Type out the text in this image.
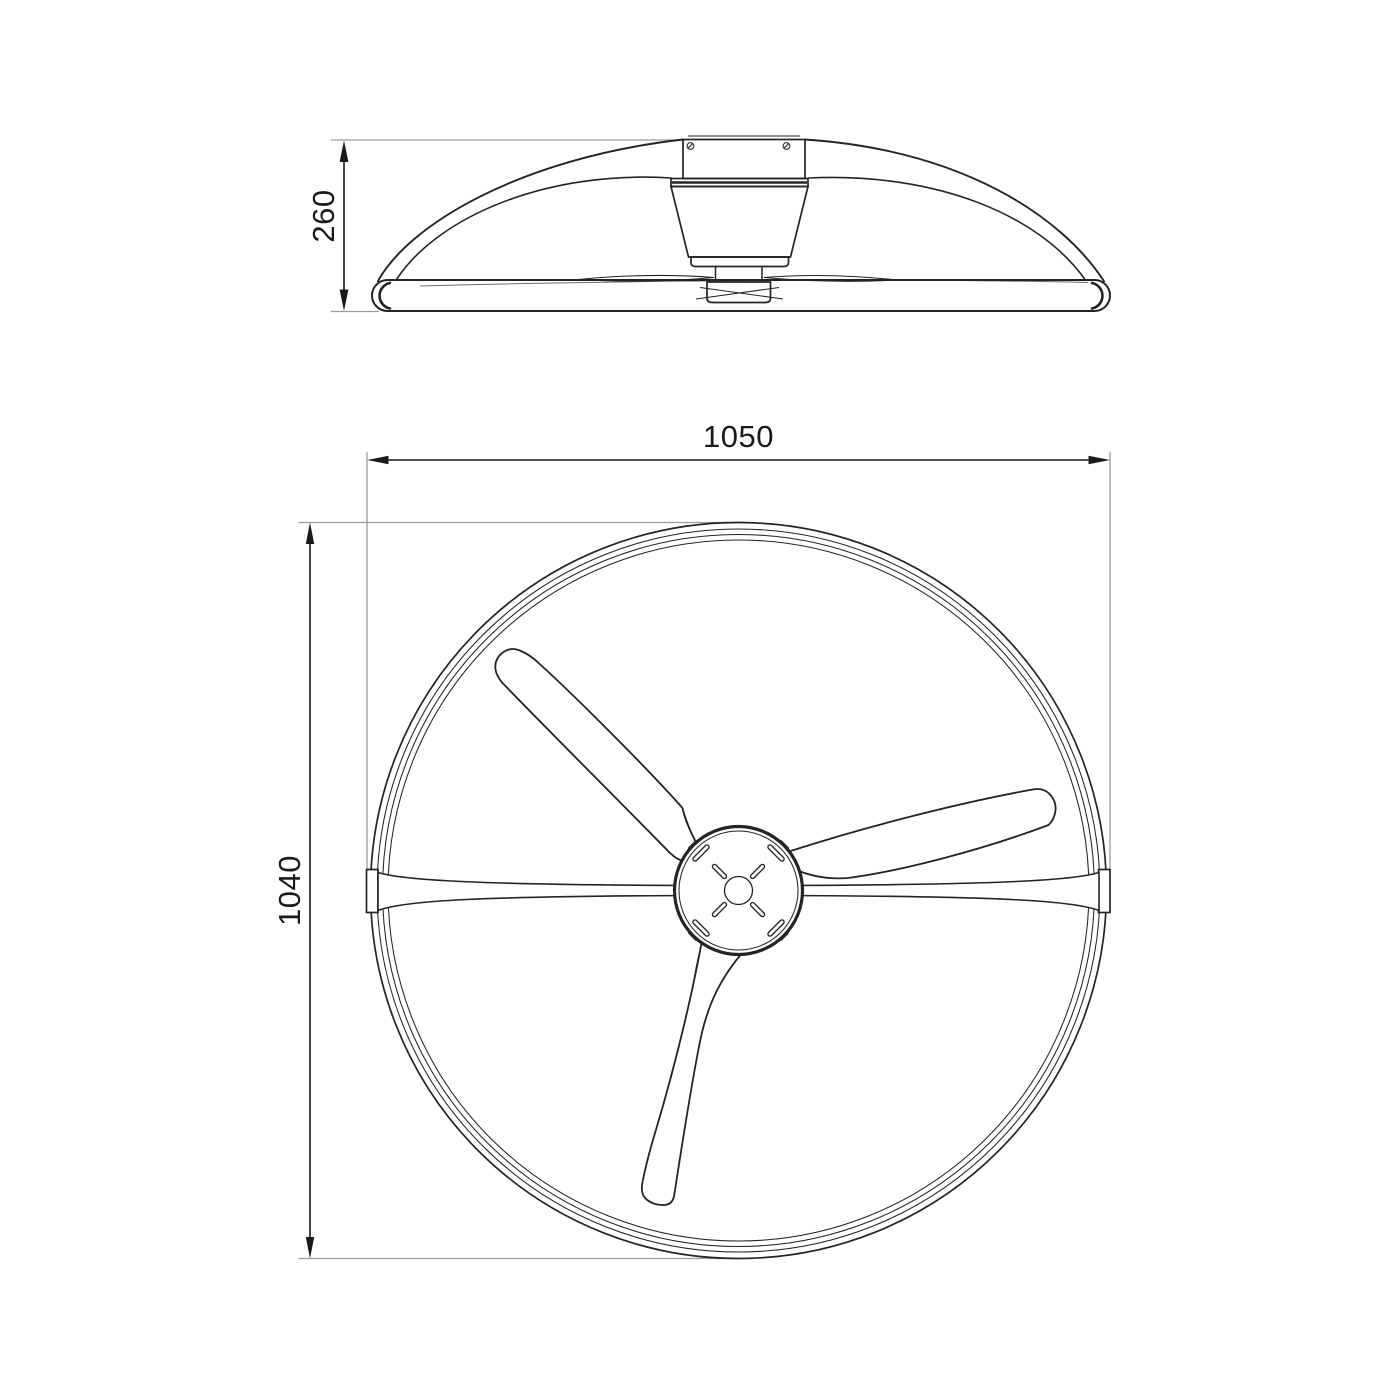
260
1050
1040
